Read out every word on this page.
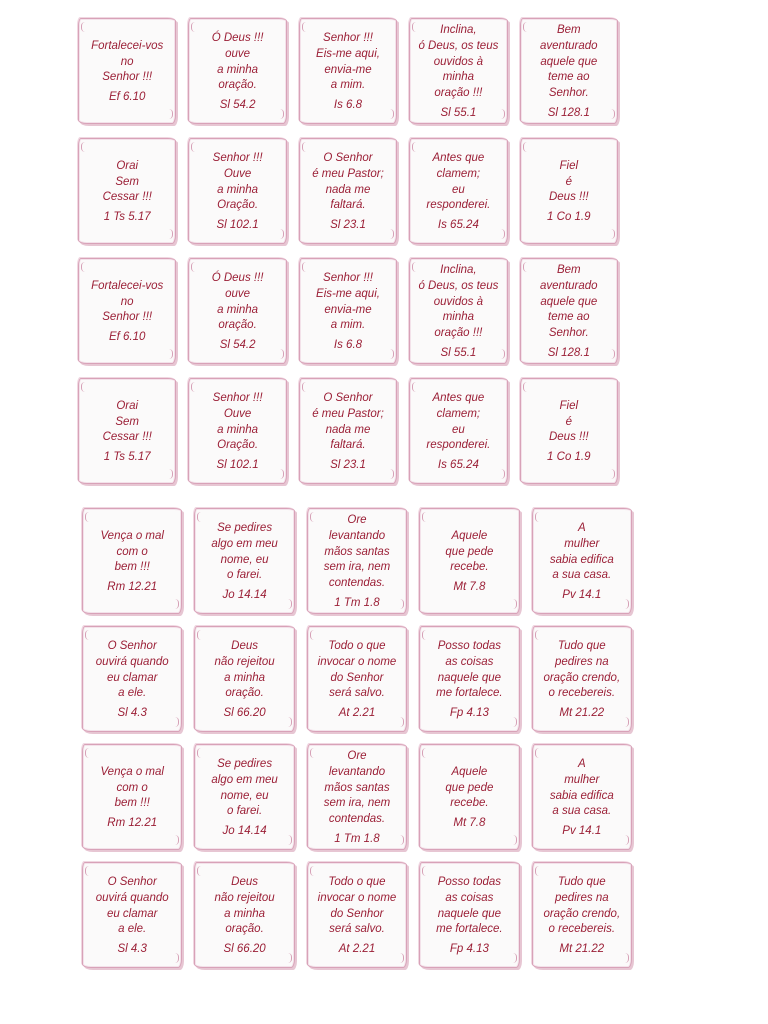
Fortalecei-vos
no
Senhor !!!
Ef 6.10
Ó Deus !!!
ouve
a minha
oração.
Sl 54.2
Senhor !!!
Eis-me aqui,
envia-me
a mim.
Is 6.8
Inclina,
ó Deus, os teus
ouvidos à
minha
oração !!!
Sl 55.1
Bem
aventurado
aquele que
teme ao
Senhor.
Sl 128.1
Orai
Sem
Cessar !!!
1 Ts 5.17
Senhor !!!
Ouve
a minha
Oração.
Sl 102.1
O Senhor
é meu Pastor;
nada me
faltará.
Sl 23.1
Antes que
clamem;
eu
responderei.
Is 65.24
Fiel
é
Deus !!!
1 Co 1.9
Fortalecei-vos
no
Senhor !!!
Ef 6.10
Ó Deus !!!
ouve
a minha
oração.
Sl 54.2
Senhor !!!
Eis-me aqui,
envia-me
a mim.
Is 6.8
Inclina,
ó Deus, os teus
ouvidos à
minha
oração !!!
Sl 55.1
Bem
aventurado
aquele que
teme ao
Senhor.
Sl 128.1
Orai
Sem
Cessar !!!
1 Ts 5.17
Senhor !!!
Ouve
a minha
Oração.
Sl 102.1
O Senhor
é meu Pastor;
nada me
faltará.
Sl 23.1
Antes que
clamem;
eu
responderei.
Is 65.24
Fiel
é
Deus !!!
1 Co 1.9
Vença o mal
com o
bem !!!
Rm 12.21
Se pedires
algo em meu
nome, eu
o farei.
Jo 14.14
Ore
levantando
mãos santas
sem ira, nem
contendas.
1 Tm 1.8
Aquele
que pede
recebe.
Mt 7.8
A
mulher
sabia edifica
a sua casa.
Pv 14.1
O Senhor
ouvirá quando
eu clamar
a ele.
Sl 4.3
Deus
não rejeitou
a minha
oração.
Sl 66.20
Todo o que
invocar o nome
do Senhor
será salvo.
At 2.21
Posso todas
as coisas
naquele que
me fortalece.
Fp 4.13
Tudo que
pedires na
oração crendo,
o recebereis.
Mt 21.22
Vença o mal
com o
bem !!!
Rm 12.21
Se pedires
algo em meu
nome, eu
o farei.
Jo 14.14
Ore
levantando
mãos santas
sem ira, nem
contendas.
1 Tm 1.8
Aquele
que pede
recebe.
Mt 7.8
A
mulher
sabia edifica
a sua casa.
Pv 14.1
O Senhor
ouvirá quando
eu clamar
a ele.
Sl 4.3
Deus
não rejeitou
a minha
oração.
Sl 66.20
Todo o que
invocar o nome
do Senhor
será salvo.
At 2.21
Posso todas
as coisas
naquele que
me fortalece.
Fp 4.13
Tudo que
pedires na
oração crendo,
o recebereis.
Mt 21.22
